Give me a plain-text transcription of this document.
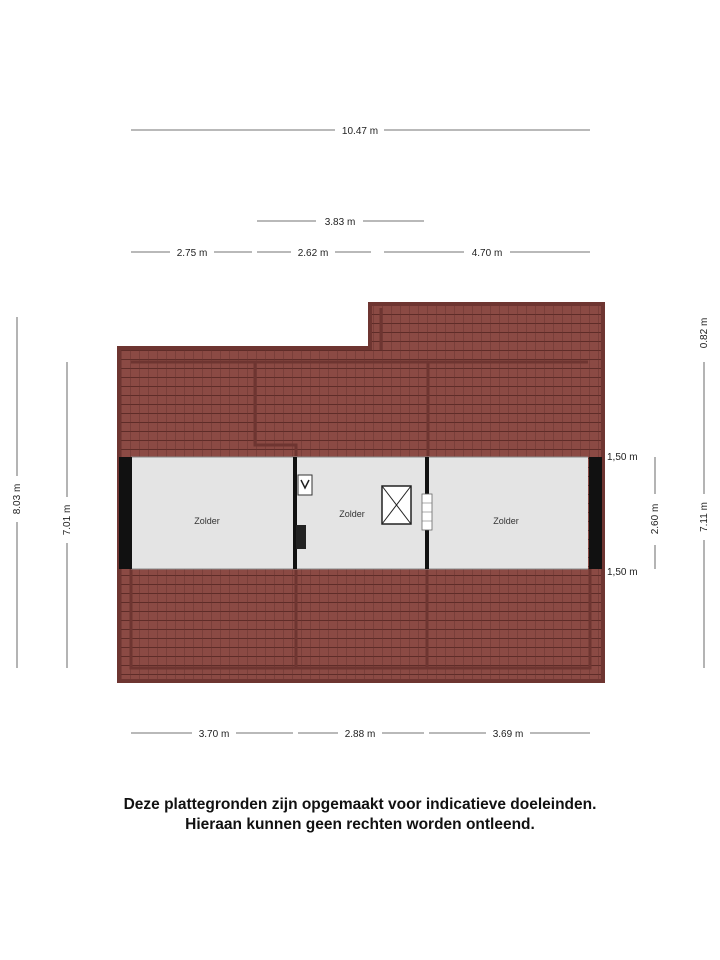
Zolder
Zolder
Zolder
10.47 m
3.83 m
2.75 m	2.62 m	4.70 m
3.70 m	2.88 m	3.69 m
8.03 m
7.01 m
0.82 m
7.11 m
2.60 m
1,50 m
1,50 m
Deze plattegronden zijn opgemaakt voor indicatieve doeleinden.
Hieraan kunnen geen rechten worden ontleend.
